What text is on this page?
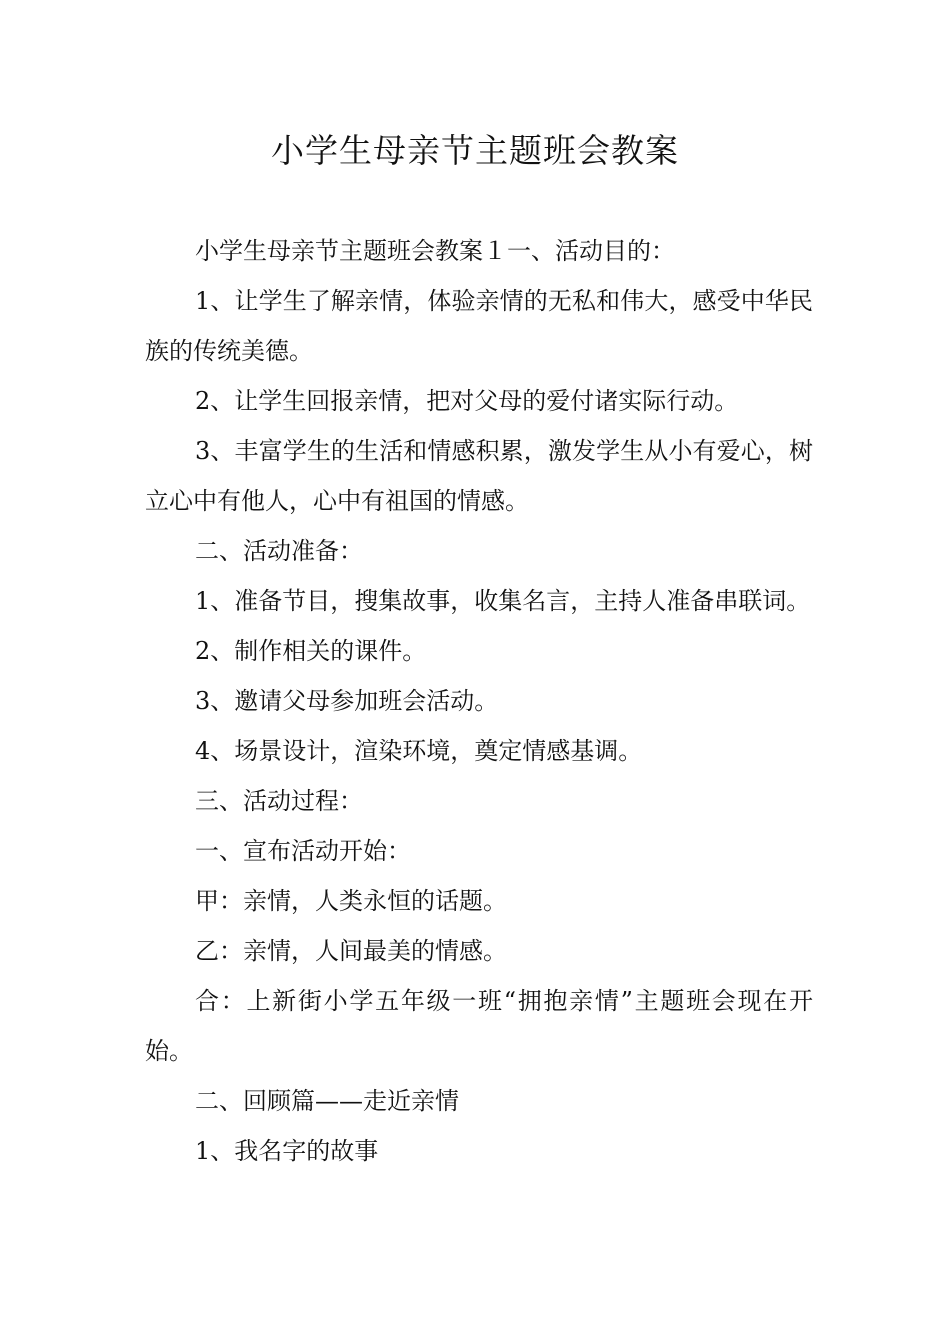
小学生母亲节主题班会教案

小学生母亲节主题班会教案１一、活动目的：

1、让学生了解亲情，体验亲情的无私和伟大，感受中华民族的传统美德。

2、让学生回报亲情，把对父母的爱付诸实际行动。

3、丰富学生的生活和情感积累，激发学生从小有爱心，树立心中有他人，心中有祖国的情感。

二、活动准备：

1、准备节目，搜集故事，收集名言，主持人准备串联词。

2、制作相关的课件。

3、邀请父母参加班会活动。

4、场景设计，渲染环境，奠定情感基调。

三、活动过程：

一、宣布活动开始：

甲：亲情，人类永恒的话题。

乙：亲情，人间最美的情感。

合：上新街小学五年级一班“拥抱亲情”主题班会现在开始。

二、回顾篇——走近亲情

1、我名字的故事
